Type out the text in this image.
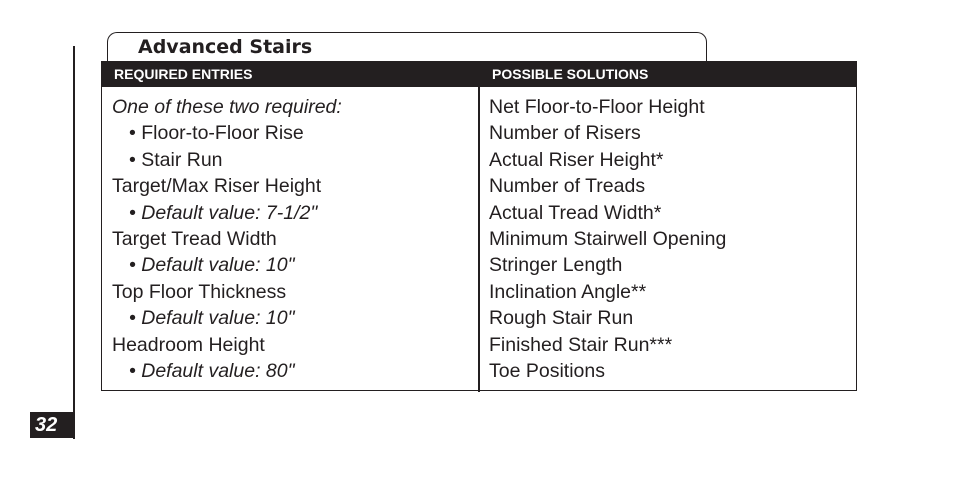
32
Advanced Stairs
REQUIRED ENTRIES	POSSIBLE SOLUTIONS
One of these two required:
• Floor-to-Floor Rise
• Stair Run
Target/Max Riser Height
• Default value: 7-1/2"
Target Tread Width
• Default value: 10"
Top Floor Thickness
• Default value: 10"
Headroom Height
• Default value: 80"
Net Floor-to-Floor Height
Number of Risers
Actual Riser Height*
Number of Treads
Actual Tread Width*
Minimum Stairwell Opening
Stringer Length
Inclination Angle**
Rough Stair Run
Finished Stair Run***
Toe Positions
